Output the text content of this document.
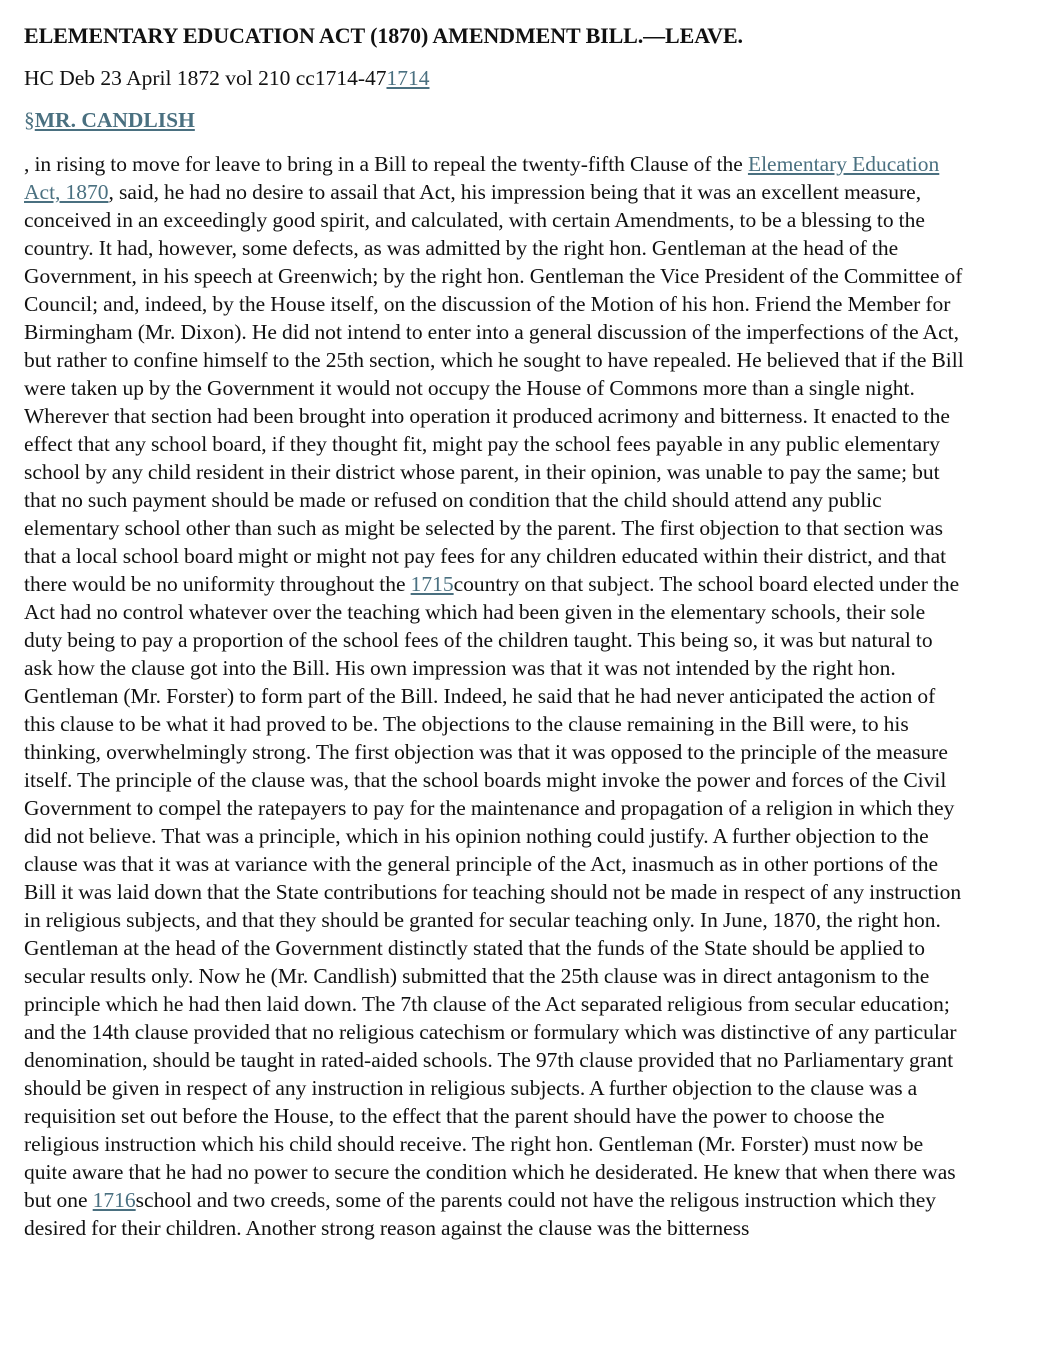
ELEMENTARY EDUCATION ACT (1870) AMENDMENT BILL.—LEAVE.

HC Deb 23 April 1872 vol 210 cc1714-471714

§MR. CANDLISH

, in rising to move for leave to bring in a Bill to repeal the twenty-fifth Clause of the Elementary Education Act, 1870, said, he had no desire to assail that Act, his impression being that it was an excellent measure, conceived in an exceedingly good spirit, and calculated, with certain Amendments, to be a blessing to the country. It had, however, some defects, as was admitted by the right hon. Gentleman at the head of the Government, in his speech at Greenwich; by the right hon. Gentleman the Vice President of the Committee of Council; and, indeed, by the House itself, on the discussion of the Motion of his hon. Friend the Member for Birmingham (Mr. Dixon). He did not intend to enter into a general discussion of the imperfections of the Act, but rather to confine himself to the 25th section, which he sought to have repealed. He believed that if the Bill were taken up by the Government it would not occupy the House of Commons more than a single night. Wherever that section had been brought into operation it produced acrimony and bitterness. It enacted to the effect that any school board, if they thought fit, might pay the school fees payable in any public elementary school by any child resident in their district whose parent, in their opinion, was unable to pay the same; but that no such payment should be made or refused on condition that the child should attend any public elementary school other than such as might be selected by the parent. The first objection to that section was that a local school board might or might not pay fees for any children educated within their district, and that there would be no uniformity throughout the 1715country on that subject. The school board elected under the Act had no control whatever over the teaching which had been given in the elementary schools, their sole duty being to pay a proportion of the school fees of the children taught. This being so, it was but natural to ask how the clause got into the Bill. His own impression was that it was not intended by the right hon. Gentleman (Mr. Forster) to form part of the Bill. Indeed, he said that he had never anticipated the action of this clause to be what it had proved to be. The objections to the clause remaining in the Bill were, to his thinking, overwhelmingly strong. The first objection was that it was opposed to the principle of the measure itself. The principle of the clause was, that the school boards might invoke the power and forces of the Civil Government to compel the ratepayers to pay for the maintenance and propagation of a religion in which they did not believe. That was a principle, which in his opinion nothing could justify. A further objection to the clause was that it was at variance with the general principle of the Act, inasmuch as in other portions of the Bill it was laid down that the State contributions for teaching should not be made in respect of any instruction in religious subjects, and that they should be granted for secular teaching only. In June, 1870, the right hon. Gentleman at the head of the Government distinctly stated that the funds of the State should be applied to secular results only. Now he (Mr. Candlish) submitted that the 25th clause was in direct antagonism to the principle which he had then laid down. The 7th clause of the Act separated religious from secular education; and the 14th clause provided that no religious catechism or formulary which was distinctive of any particular denomination, should be taught in rated-aided schools. The 97th clause provided that no Parliamentary grant should be given in respect of any instruction in religious subjects. A further objection to the clause was a requisition set out before the House, to the effect that the parent should have the power to choose the religious instruction which his child should receive. The right hon. Gentleman (Mr. Forster) must now be quite aware that he had no power to secure the condition which he desiderated. He knew that when there was but one 1716school and two creeds, some of the parents could not have the religous instruction which they desired for their children. Another strong reason against the clause was the bitterness
